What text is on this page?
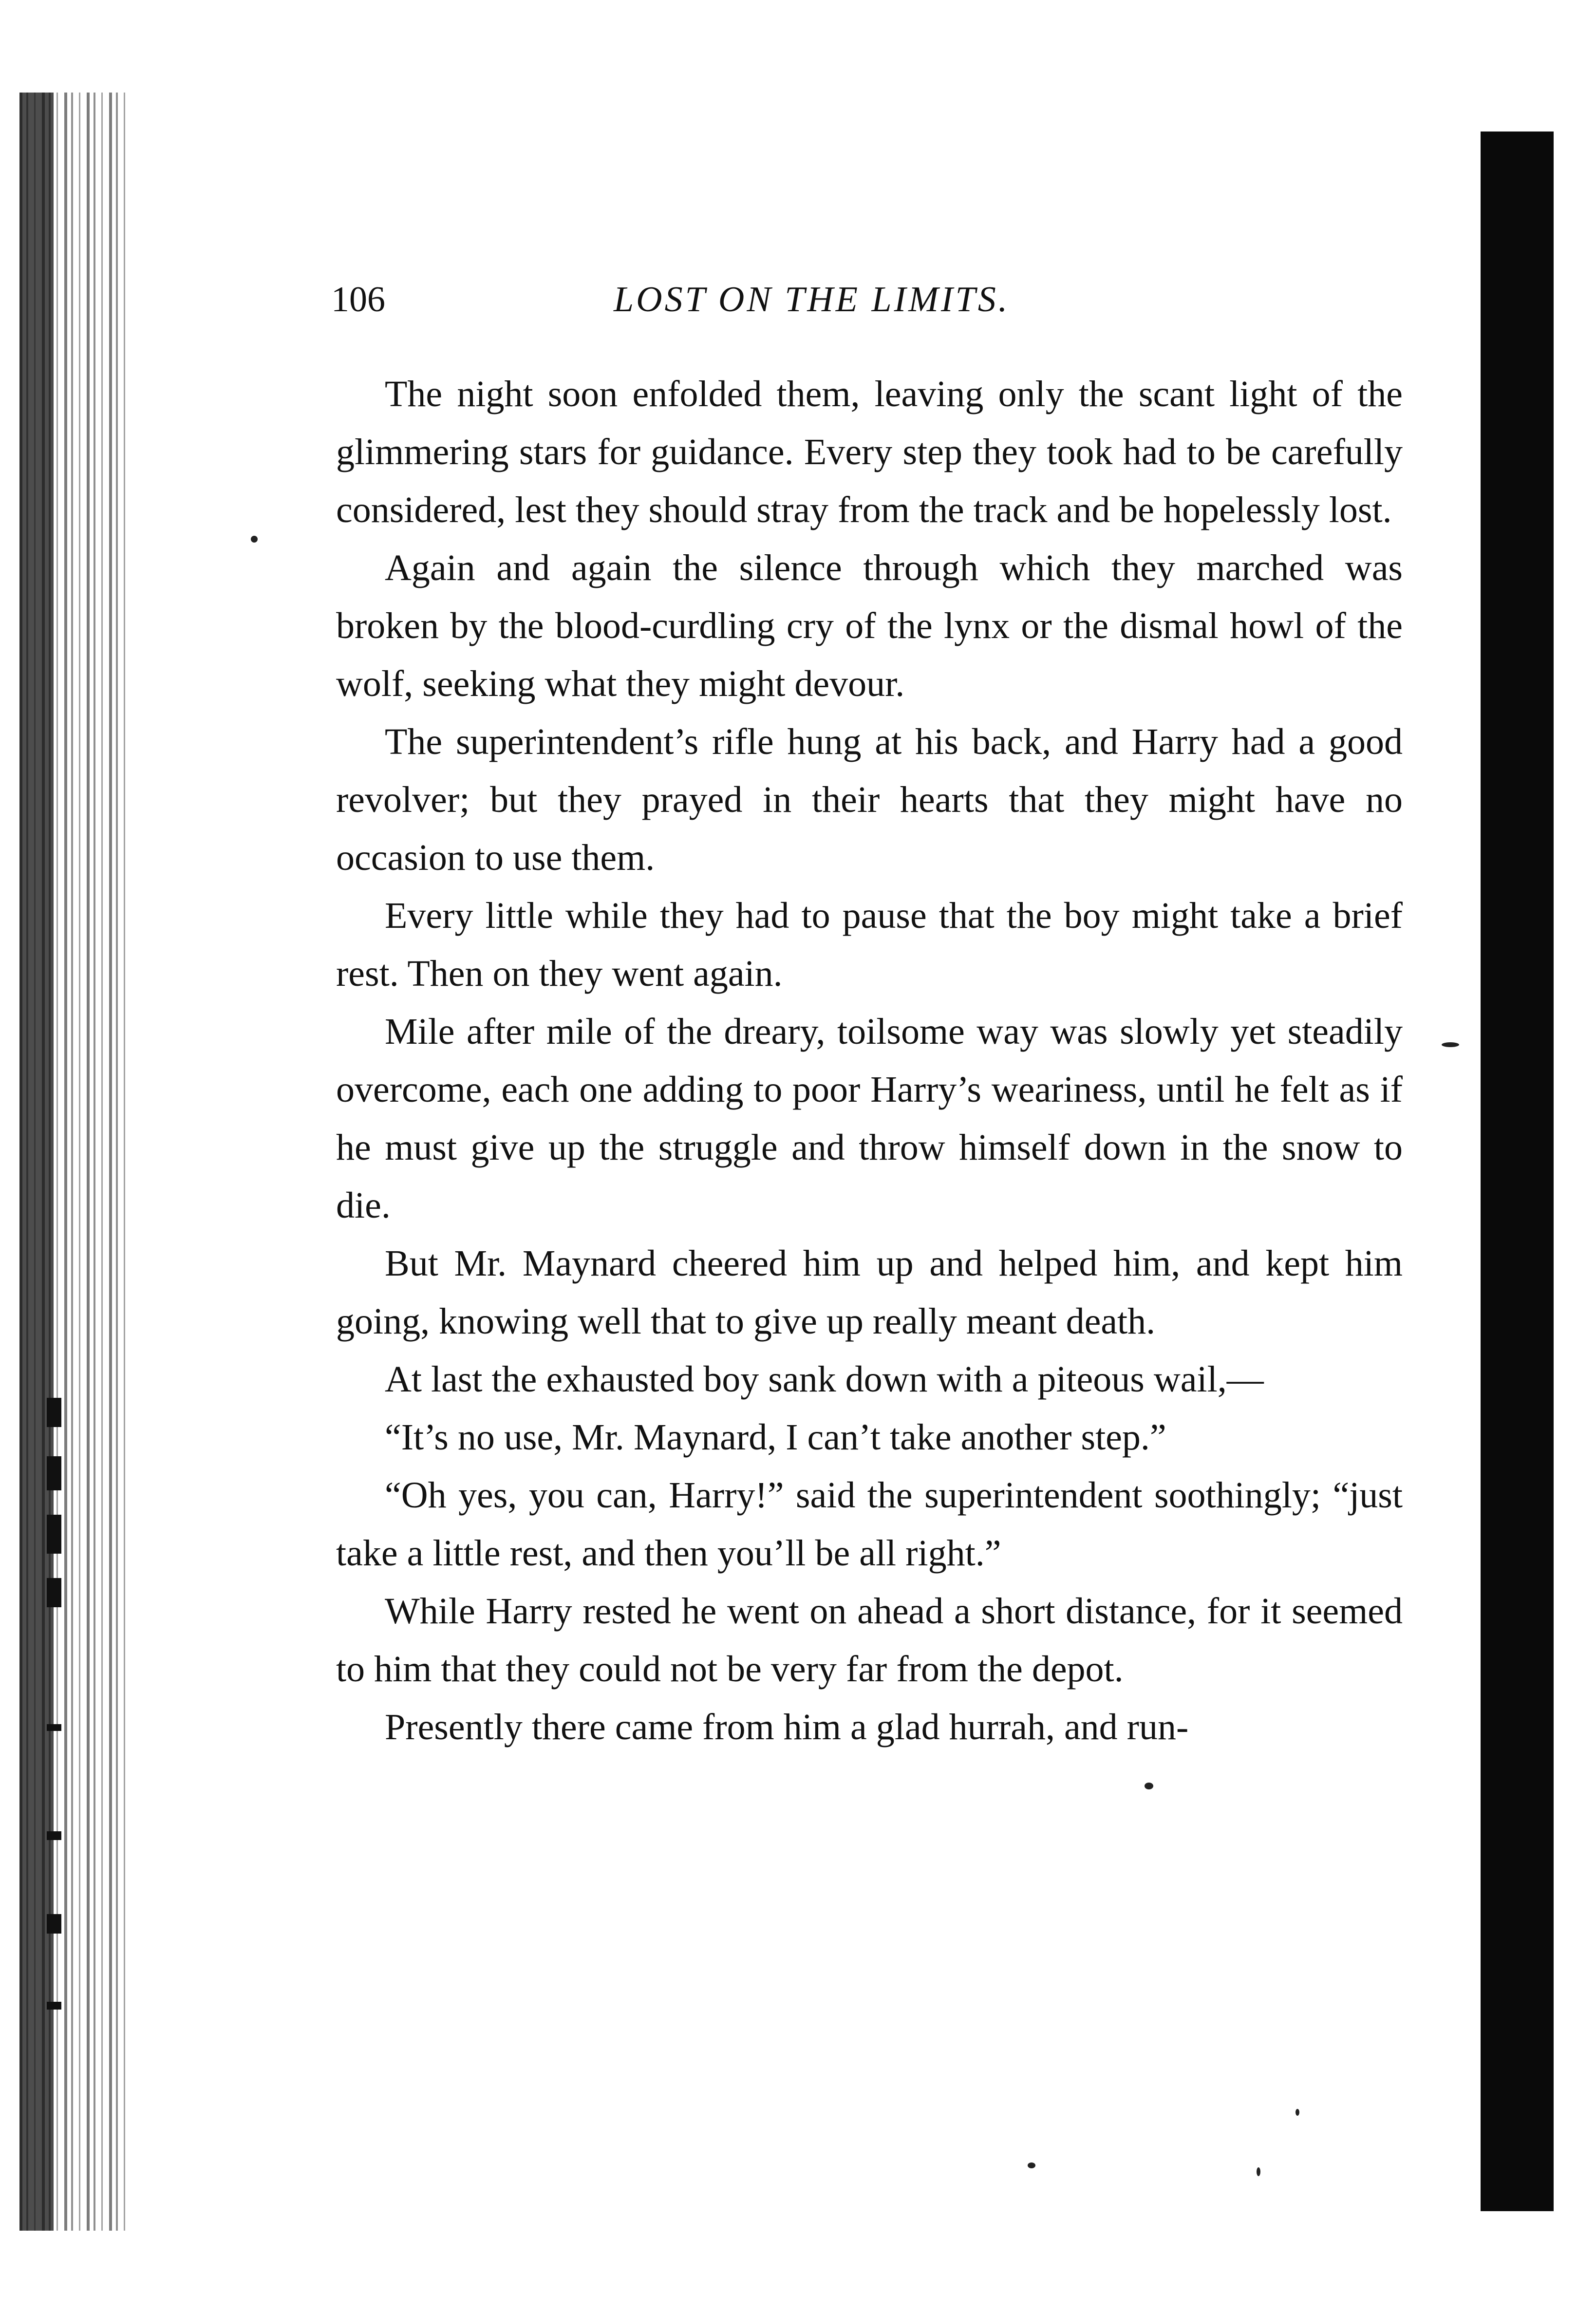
106	LOST ON THE LIMITS.

The night soon enfolded them, leaving only the scant light of the glimmering stars for guidance. Every step they took had to be carefully considered, lest they should stray from the track and be hopelessly lost.

Again and again the silence through which they marched was broken by the blood-curdling cry of the lynx or the dismal howl of the wolf, seeking what they might devour.

The superintendent’s rifle hung at his back, and Harry had a good revolver; but they prayed in their hearts that they might have no occasion to use them.

Every little while they had to pause that the boy might take a brief rest. Then on they went again.

Mile after mile of the dreary, toilsome way was slowly yet steadily overcome, each one adding to poor Harry’s weariness, until he felt as if he must give up the struggle and throw himself down in the snow to die.

But Mr. Maynard cheered him up and helped him, and kept him going, knowing well that to give up really meant death.

At last the exhausted boy sank down with a piteous wail,—

“It’s no use, Mr. Maynard, I can’t take another step.”

“Oh yes, you can, Harry!” said the superintendent soothingly; “just take a little rest, and then you’ll be all right.”

While Harry rested he went on ahead a short distance, for it seemed to him that they could not be very far from the depot.

Presently there came from him a glad hurrah, and run-
